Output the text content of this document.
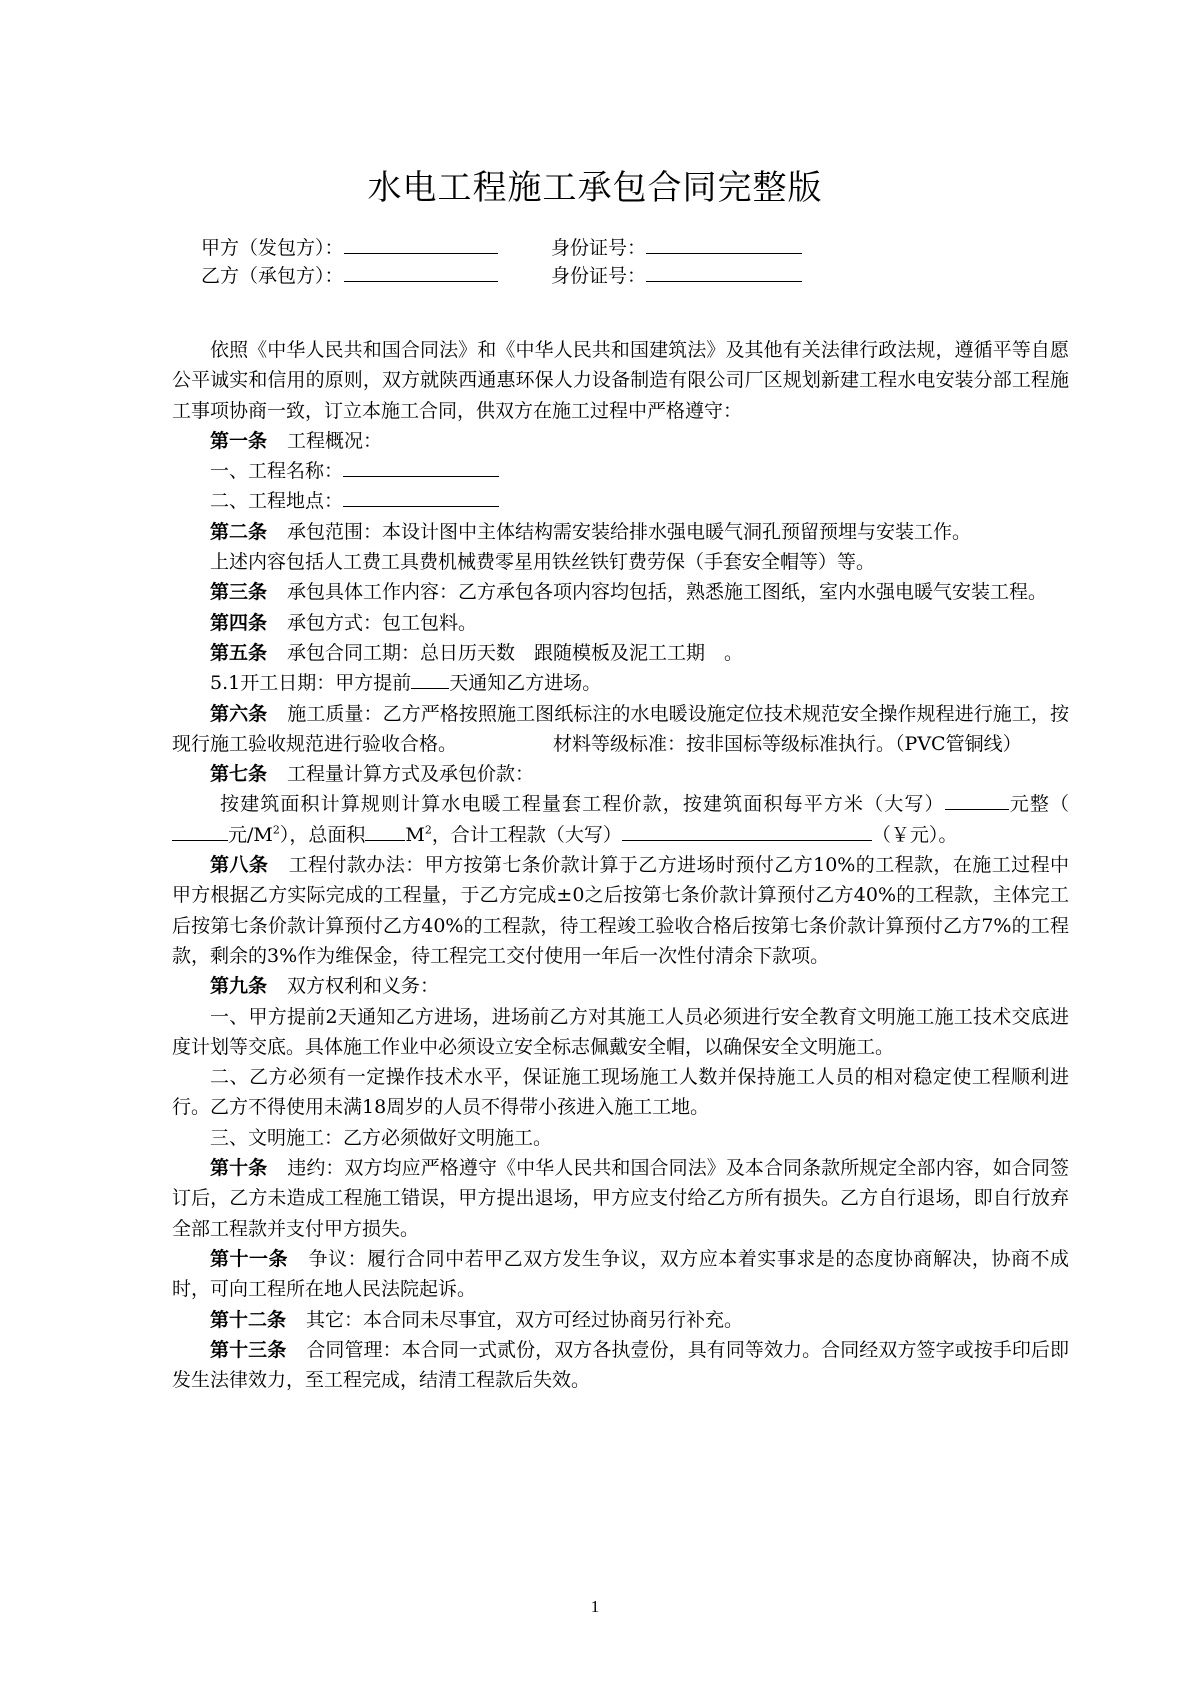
水电工程施工承包合同完整版
甲方（发包方）：	身份证号：
乙方（承包方）：	身份证号：

依照《中华人民共和国合同法》和《中华人民共和国建筑法》及其他有关法律行政法规，遵循平等自愿公平诚实和信用的原则，双方就陕西通惠环保人力设备制造有限公司厂区规划新建工程水电安装分部工程施工事项协商一致，订立本施工合同，供双方在施工过程中严格遵守：

第一条 工程概况：

一、工程名称：

二、工程地点：

第二条 承包范围：本设计图中主体结构需安装给排水强电暖气洞孔预留预埋与安装工作。

上述内容包括人工费工具费机械费零星用铁丝铁钉费劳保（手套安全帽等）等。

第三条 承包具体工作内容：乙方承包各项内容均包括，熟悉施工图纸，室内水强电暖气安装工程。

第四条 承包方式：包工包料。

第五条 承包合同工期：总日历天数　跟随模板及泥工工期　。

5.1开工日期：甲方提前 天通知乙方进场。

第六条 施工质量：乙方严格按照施工图纸标注的水电暖设施定位技术规范安全操作规程进行施工，按现行施工验收规范进行验收合格。	材料等级标准：按非国标等级标准执行。（PVC管铜线）

第七条 工程量计算方式及承包价款：

按建筑面积计算规则计算水电暖工程量套工程价款，按建筑面积每平方米（大写）	元整（元$/M^2$），总面积 $M^2$，合计工程款（大写）	（￥元）。

第八条 工程付款办法：甲方按第七条价款计算于乙方进场时预付乙方10%的工程款，在施工过程中甲方根据乙方实际完成的工程量，于乙方完成±0之后按第七条价款计算预付乙方40%的工程款，主体完工后按第七条价款计算预付乙方40%的工程款，待工程竣工验收合格后按第七条价款计算预付乙方7%的工程款，剩余的3%作为维保金，待工程完工交付使用一年后一次性付清余下款项。

第九条 双方权利和义务：

一、甲方提前2天通知乙方进场，进场前乙方对其施工人员必须进行安全教育文明施工施工技术交底进度计划等交底。具体施工作业中必须设立安全标志佩戴安全帽，以确保安全文明施工。

二、乙方必须有一定操作技术水平，保证施工现场施工人数并保持施工人员的相对稳定使工程顺利进行。乙方不得使用未满18周岁的人员不得带小孩进入施工工地。

三、文明施工：乙方必须做好文明施工。

第十条 违约：双方均应严格遵守《中华人民共和国合同法》及本合同条款所规定全部内容，如合同签订后，乙方未造成工程施工错误，甲方提出退场，甲方应支付给乙方所有损失。乙方自行退场，即自行放弃全部工程款并支付甲方损失。

第十一条 争议：履行合同中若甲乙双方发生争议，双方应本着实事求是的态度协商解决，协商不成时，可向工程所在地人民法院起诉。

第十二条 其它：本合同未尽事宜，双方可经过协商另行补充。

第十三条 合同管理：本合同一式贰份，双方各执壹份，具有同等效力。合同经双方签字或按手印后即发生法律效力，至工程完成，结清工程款后失效。

1
